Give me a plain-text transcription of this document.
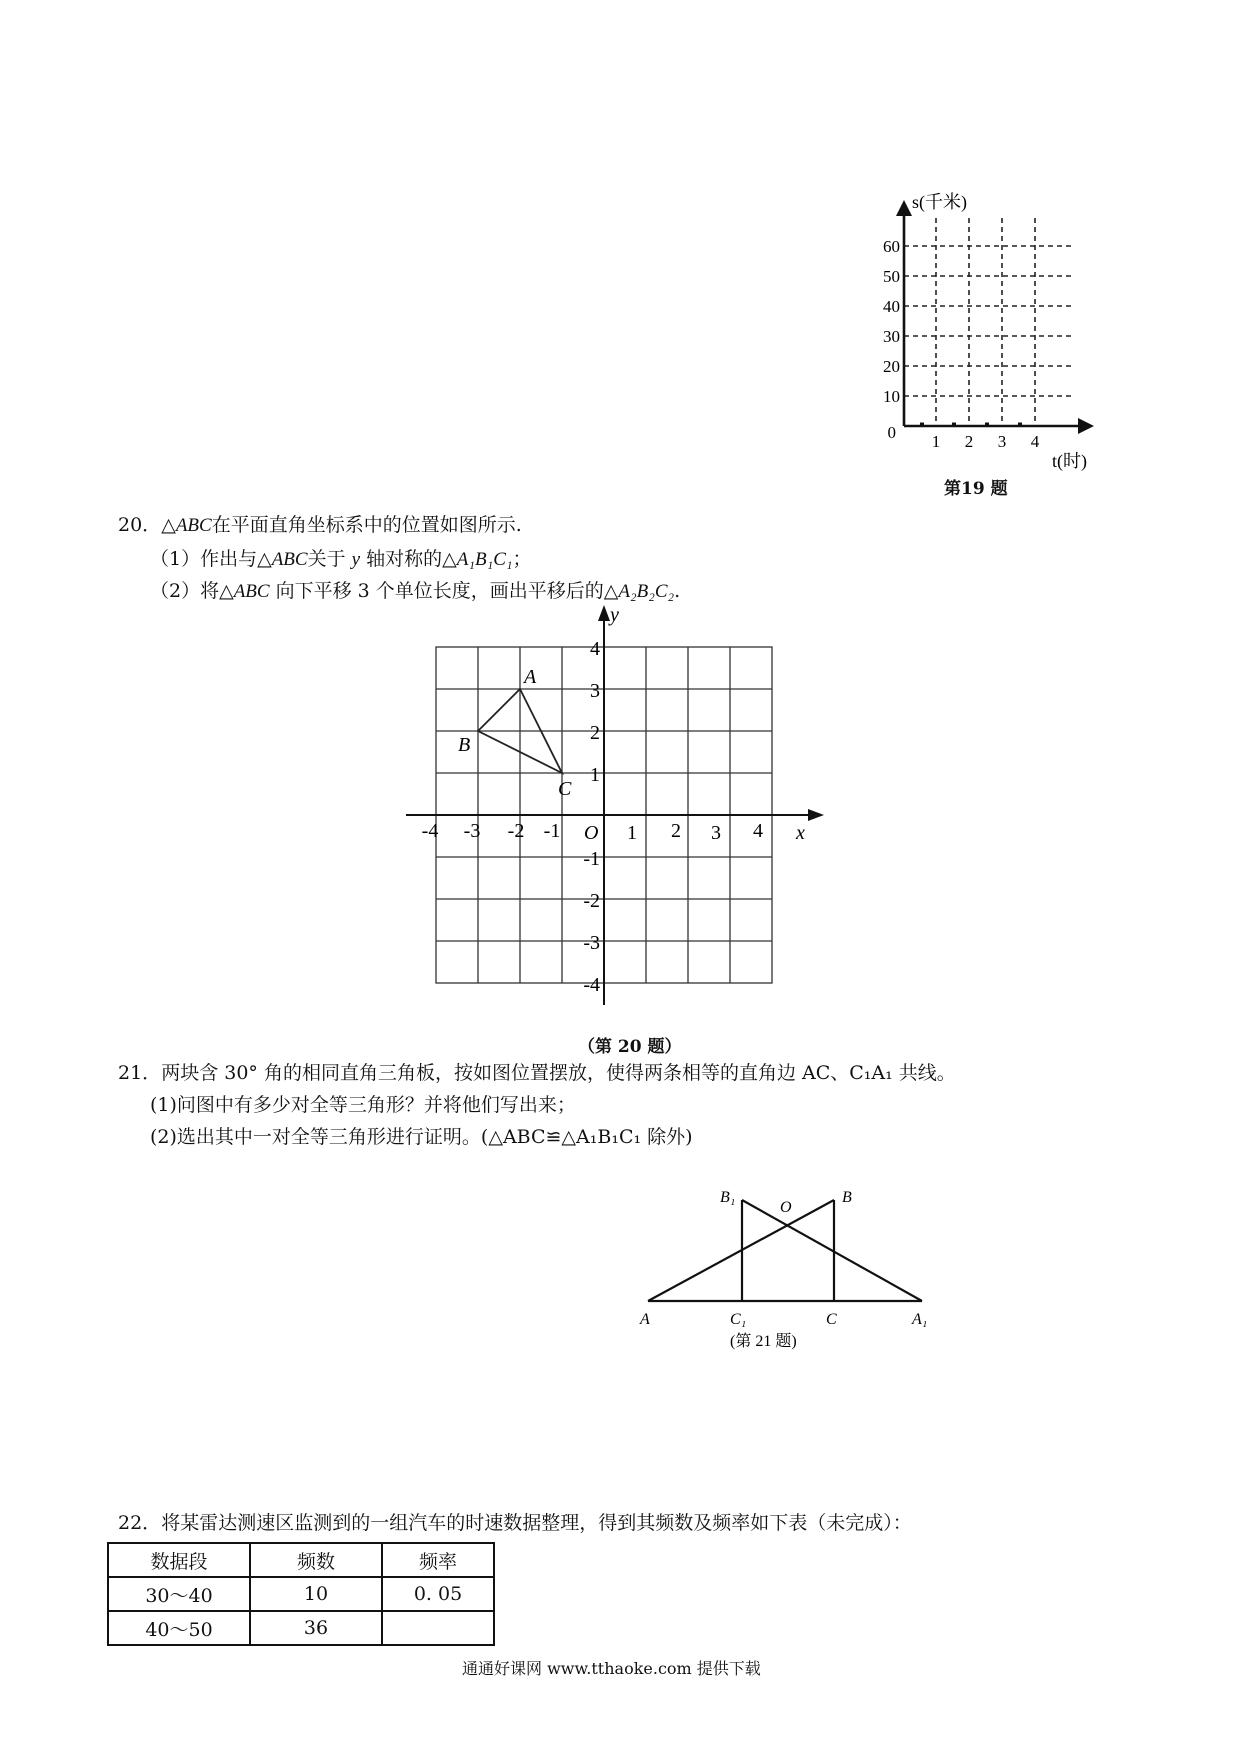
s(千米)
60
50
40
30
20
10
0 1 2 3 4
t(时)
第19 题
20．△ABC在平面直角坐标系中的位置如图所示.
（1）作出与△ABC关于 y 轴对称的△A₁B₁C₁；
（2）将△ABC 向下平移 3 个单位长度，画出平移后的△A₂B₂C₂.
A
B
C
y
x
O
-4 -3 -2 -1	1 2 3 4
4
3
2
1
-1
-2
-3
-4
（第 20 题）
21．两块含 30° 角的相同直角三角板，按如图位置摆放，使得两条相等的直角边 AC、C₁A₁ 共线。
(1)问图中有多少对全等三角形？并将他们写出来；
(2)选出其中一对全等三角形进行证明。(△ABC≌△A₁B₁C₁ 除外)
B₁
O
B
A	C₁	C	A₁
(第 21 题)
22．将某雷达测速区监测到的一组汽车的时速数据整理，得到其频数及频率如下表（未完成）：
数据段	频数	频率
30～40	10	0. 05
40～50	36	
通通好课网 www.tthaoke.com 提供下载
